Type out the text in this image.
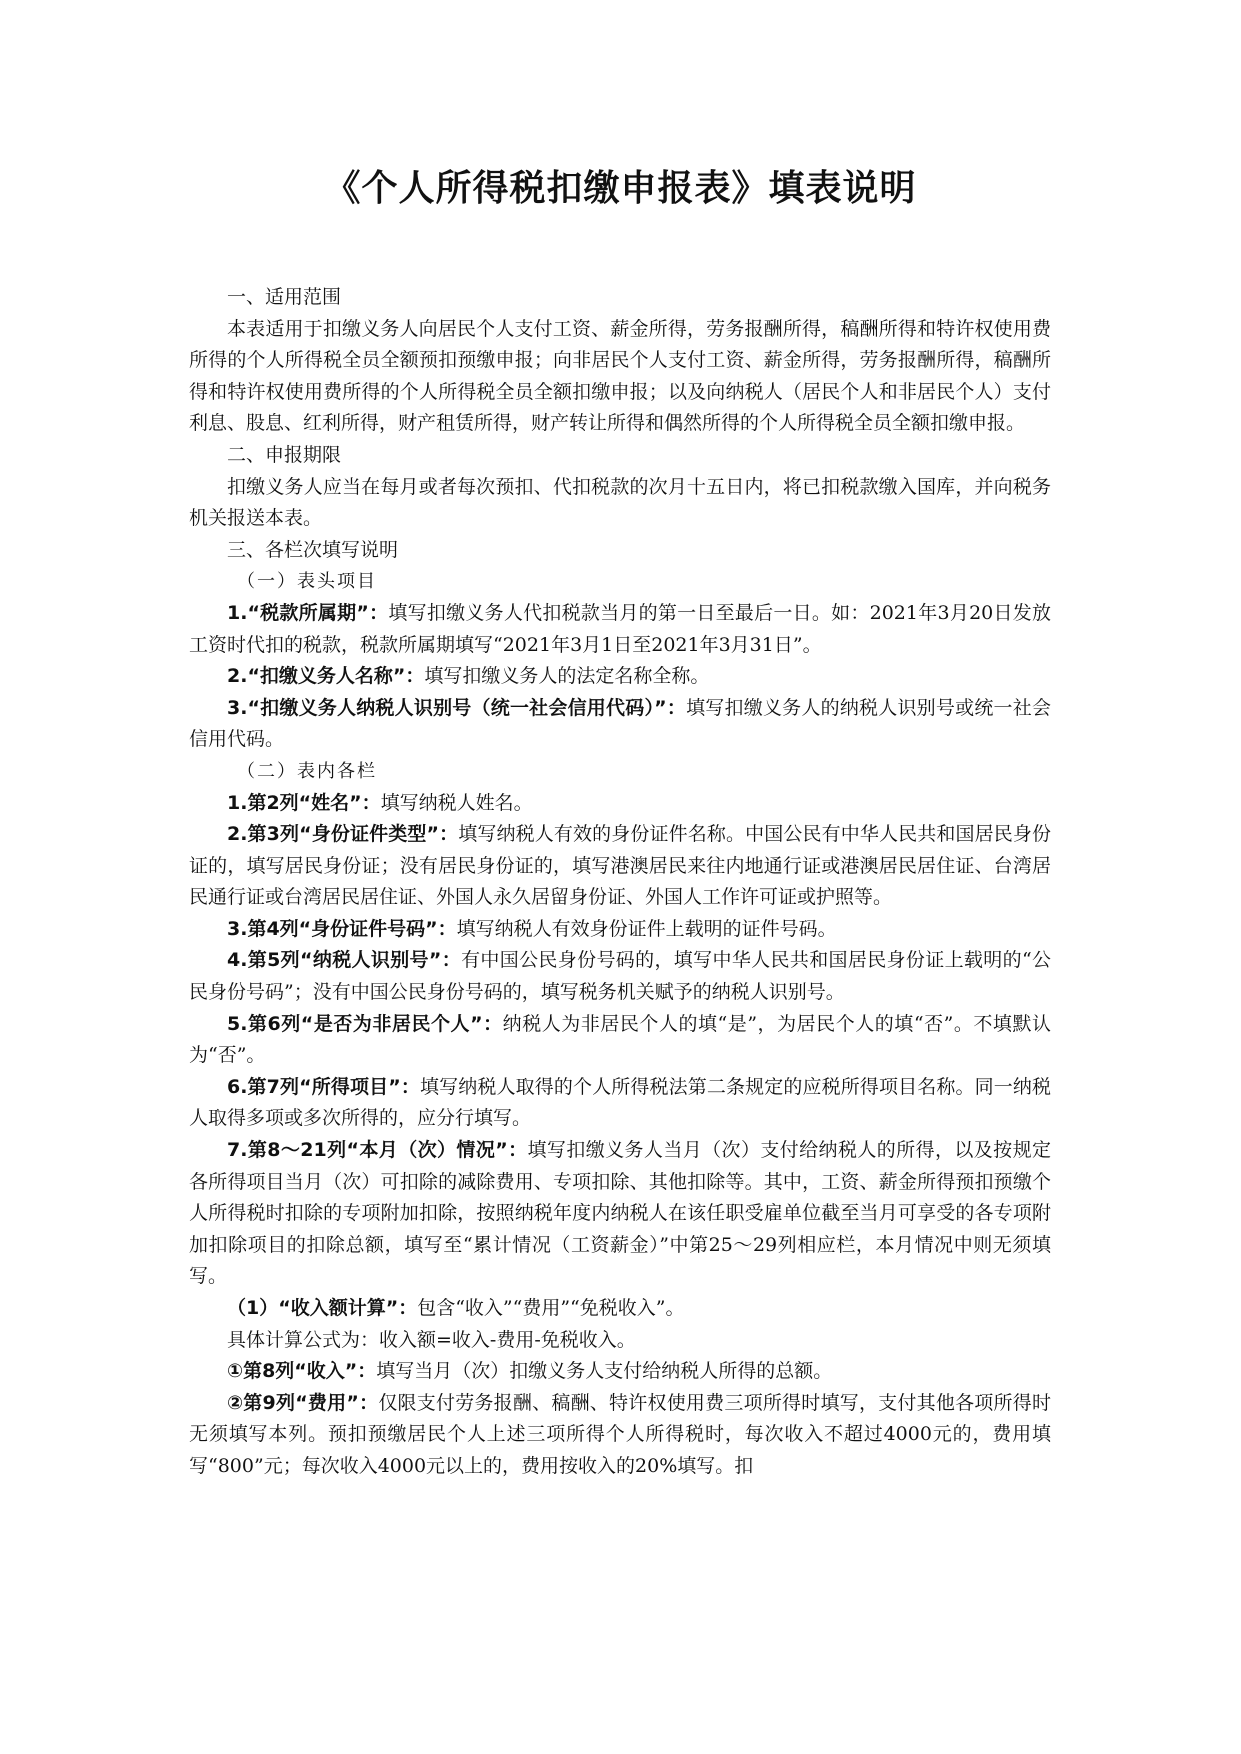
《个人所得税扣缴申报表》填表说明

一、适用范围

本表适用于扣缴义务人向居民个人支付工资、薪金所得，劳务报酬所得，稿酬所得和特许权使用费所得的个人所得税全员全额预扣预缴申报；向非居民个人支付工资、薪金所得，劳务报酬所得，稿酬所得和特许权使用费所得的个人所得税全员全额扣缴申报；以及向纳税人（居民个人和非居民个人）支付利息、股息、红利所得，财产租赁所得，财产转让所得和偶然所得的个人所得税全员全额扣缴申报。

二、申报期限

扣缴义务人应当在每月或者每次预扣、代扣税款的次月十五日内，将已扣税款缴入国库，并向税务机关报送本表。

三、各栏次填写说明

（一）表头项目

1.“税款所属期”：填写扣缴义务人代扣税款当月的第一日至最后一日。如：2021年3月20日发放工资时代扣的税款，税款所属期填写“2021年3月1日至2021年3月31日”。

2.“扣缴义务人名称”：填写扣缴义务人的法定名称全称。

3.“扣缴义务人纳税人识别号（统一社会信用代码）”：填写扣缴义务人的纳税人识别号或统一社会信用代码。

（二）表内各栏

1.第2列“姓名”：填写纳税人姓名。

2.第3列“身份证件类型”：填写纳税人有效的身份证件名称。中国公民有中华人民共和国居民身份证的，填写居民身份证；没有居民身份证的，填写港澳居民来往内地通行证或港澳居民居住证、台湾居民通行证或台湾居民居住证、外国人永久居留身份证、外国人工作许可证或护照等。

3.第4列“身份证件号码”：填写纳税人有效身份证件上载明的证件号码。

4.第5列“纳税人识别号”：有中国公民身份号码的，填写中华人民共和国居民身份证上载明的“公民身份号码”；没有中国公民身份号码的，填写税务机关赋予的纳税人识别号。

5.第6列“是否为非居民个人”：纳税人为非居民个人的填“是”，为居民个人的填“否”。不填默认为“否”。

6.第7列“所得项目”：填写纳税人取得的个人所得税法第二条规定的应税所得项目名称。同一纳税人取得多项或多次所得的，应分行填写。

7.第8～21列“本月（次）情况”：填写扣缴义务人当月（次）支付给纳税人的所得，以及按规定各所得项目当月（次）可扣除的减除费用、专项扣除、其他扣除等。其中，工资、薪金所得预扣预缴个人所得税时扣除的专项附加扣除，按照纳税年度内纳税人在该任职受雇单位截至当月可享受的各专项附加扣除项目的扣除总额，填写至“累计情况（工资薪金）”中第25～29列相应栏，本月情况中则无须填写。

（1）“收入额计算”：包含“收入”“费用”“免税收入”。

具体计算公式为：收入额=收入-费用-免税收入。

①第8列“收入”：填写当月（次）扣缴义务人支付给纳税人所得的总额。

②第9列“费用”：仅限支付劳务报酬、稿酬、特许权使用费三项所得时填写，支付其他各项所得时无须填写本列。预扣预缴居民个人上述三项所得个人所得税时，每次收入不超过4000元的，费用填写“800”元；每次收入4000元以上的，费用按收入的20%填写。扣
